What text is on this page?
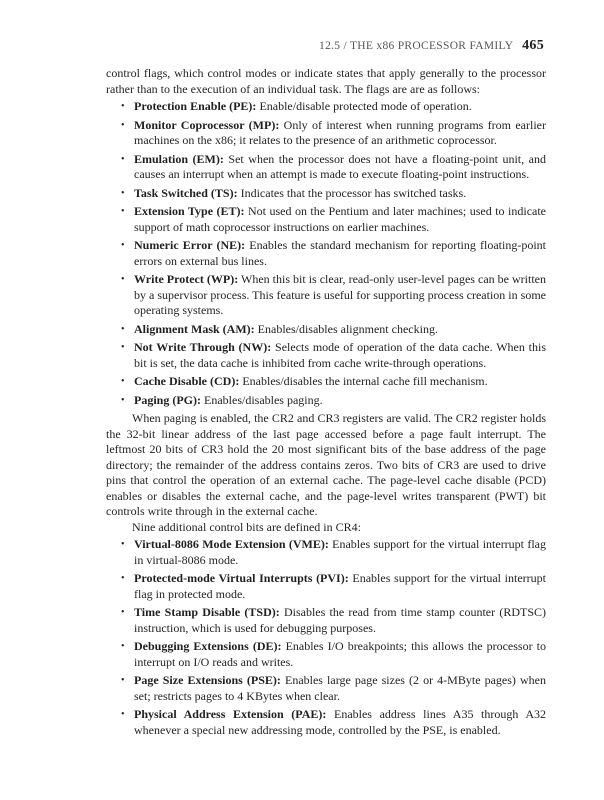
12.5 / THE x86 PROCESSOR FAMILY 465

control flags, which control modes or indicate states that apply generally to the processor rather than to the execution of an individual task. The flags are are as follows:

• Protection Enable (PE): Enable/disable protected mode of operation.
• Monitor Coprocessor (MP): Only of interest when running programs from earlier machines on the x86; it relates to the presence of an arithmetic coprocessor.
• Emulation (EM): Set when the processor does not have a floating-point unit, and causes an interrupt when an attempt is made to execute floating-point instructions.
• Task Switched (TS): Indicates that the processor has switched tasks.
• Extension Type (ET): Not used on the Pentium and later machines; used to indicate support of math coprocessor instructions on earlier machines.
• Numeric Error (NE): Enables the standard mechanism for reporting floating-point errors on external bus lines.
• Write Protect (WP): When this bit is clear, read-only user-level pages can be written by a supervisor process. This feature is useful for supporting process creation in some operating systems.
• Alignment Mask (AM): Enables/disables alignment checking.
• Not Write Through (NW): Selects mode of operation of the data cache. When this bit is set, the data cache is inhibited from cache write-through operations.
• Cache Disable (CD): Enables/disables the internal cache fill mechanism.
• Paging (PG): Enables/disables paging.

When paging is enabled, the CR2 and CR3 registers are valid. The CR2 register holds the 32-bit linear address of the last page accessed before a page fault interrupt. The leftmost 20 bits of CR3 hold the 20 most significant bits of the base address of the page directory; the remainder of the address contains zeros. Two bits of CR3 are used to drive pins that control the operation of an external cache. The page-level cache disable (PCD) enables or disables the external cache, and the page-level writes transparent (PWT) bit controls write through in the external cache.

Nine additional control bits are defined in CR4:

• Virtual-8086 Mode Extension (VME): Enables support for the virtual interrupt flag in virtual-8086 mode.
• Protected-mode Virtual Interrupts (PVI): Enables support for the virtual interrupt flag in protected mode.
• Time Stamp Disable (TSD): Disables the read from time stamp counter (RDTSC) instruction, which is used for debugging purposes.
• Debugging Extensions (DE): Enables I/O breakpoints; this allows the processor to interrupt on I/O reads and writes.
• Page Size Extensions (PSE): Enables large page sizes (2 or 4-MByte pages) when set; restricts pages to 4 KBytes when clear.
• Physical Address Extension (PAE): Enables address lines A35 through A32 whenever a special new addressing mode, controlled by the PSE, is enabled.
